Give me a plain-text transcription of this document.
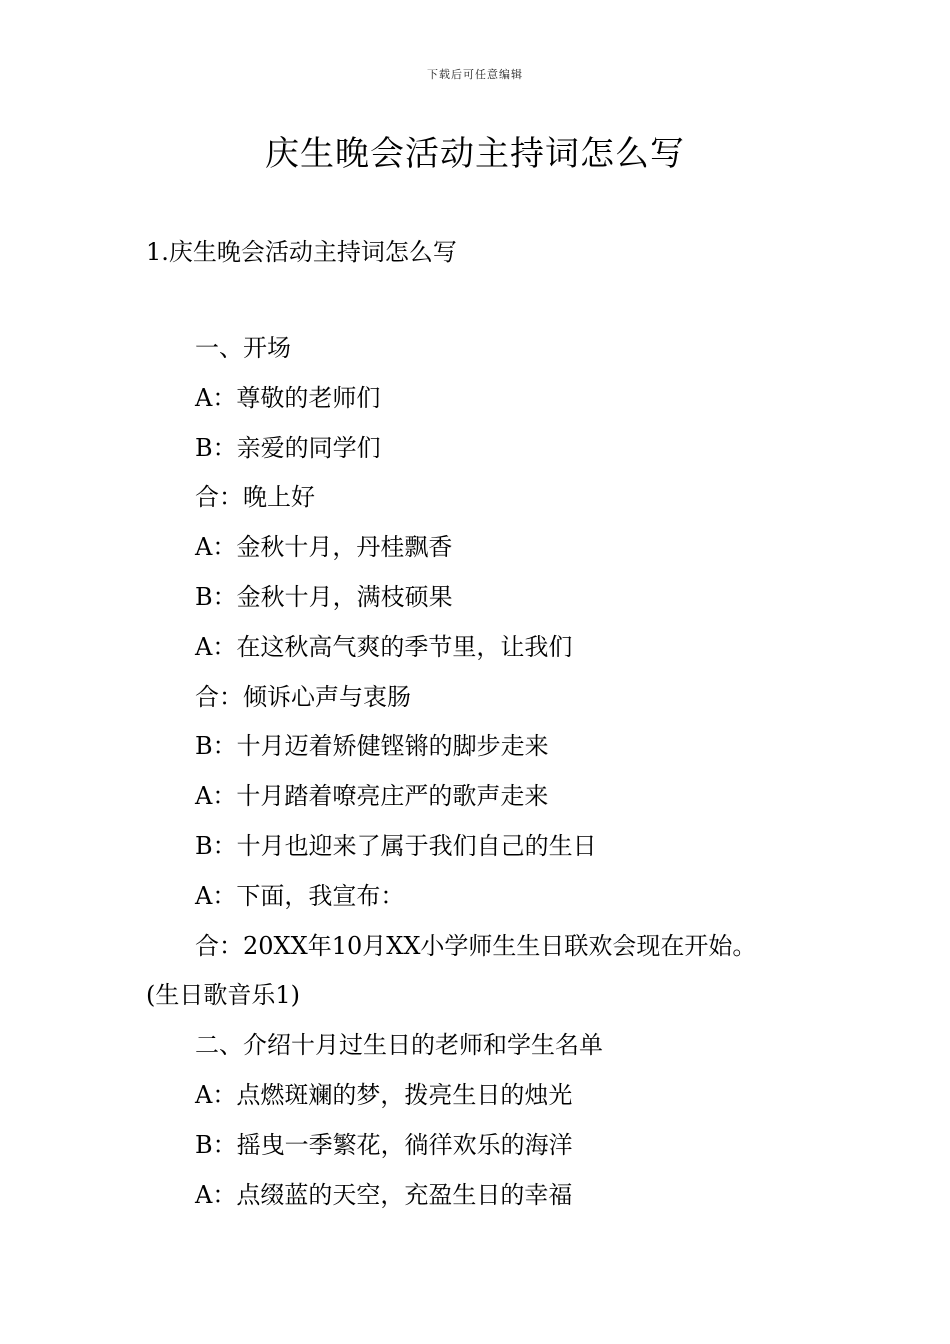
下载后可任意编辑
庆生晚会活动主持词怎么写
1.庆生晚会活动主持词怎么写
一、开场
A：尊敬的老师们
B：亲爱的同学们
合：晚上好
A：金秋十月，丹桂飘香
B：金秋十月，满枝硕果
A：在这秋高气爽的季节里，让我们
合：倾诉心声与衷肠
B：十月迈着矫健铿锵的脚步走来
A：十月踏着嘹亮庄严的歌声走来
B：十月也迎来了属于我们自己的生日
A：下面，我宣布：
合：20XX年10月XX小学师生生日联欢会现在开始。
(生日歌音乐1)
二、介绍十月过生日的老师和学生名单
A：点燃斑斓的梦，拨亮生日的烛光
B：摇曳一季繁花，徜徉欢乐的海洋
A：点缀蓝的天空，充盈生日的幸福
